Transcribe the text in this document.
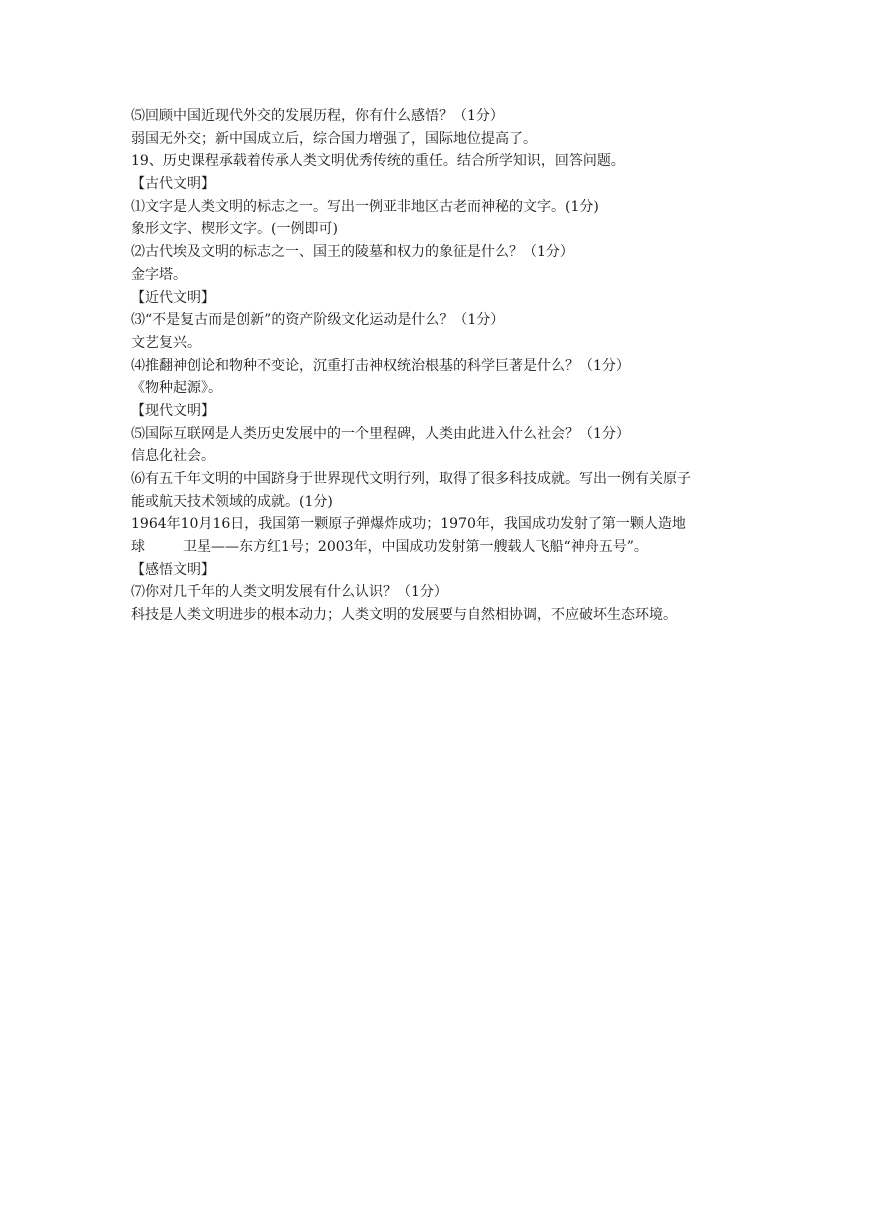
⑸回顾中国近现代外交的发展历程，你有什么感悟？（1分）
弱国无外交；新中国成立后，综合国力增强了，国际地位提高了。
19、历史课程承载着传承人类文明优秀传统的重任。结合所学知识，回答问题。
【古代文明】
⑴文字是人类文明的标志之一。写出一例亚非地区古老而神秘的文字。(1分)
象形文字、楔形文字。(一例即可)
⑵古代埃及文明的标志之一、国王的陵墓和权力的象征是什么？（1分）
金字塔。
【近代文明】
⑶“不是复古而是创新”的资产阶级文化运动是什么？（1分）
文艺复兴。
⑷推翻神创论和物种不变论，沉重打击神权统治根基的科学巨著是什么？（1分）
《物种起源》。
【现代文明】
⑸国际互联网是人类历史发展中的一个里程碑，人类由此进入什么社会？（1分）
信息化社会。
⑹有五千年文明的中国跻身于世界现代文明行列，取得了很多科技成就。写出一例有关原子
能或航天技术领域的成就。(1分)
1964年10月16日，我国第一颗原子弹爆炸成功；1970年，我国成功发射了第一颗人造地
球	卫星——东方红1号；2003年，中国成功发射第一艘载人飞船“神舟五号”。
【感悟文明】
⑺你对几千年的人类文明发展有什么认识？（1分）
科技是人类文明进步的根本动力；人类文明的发展要与自然相协调，不应破坏生态环境。
